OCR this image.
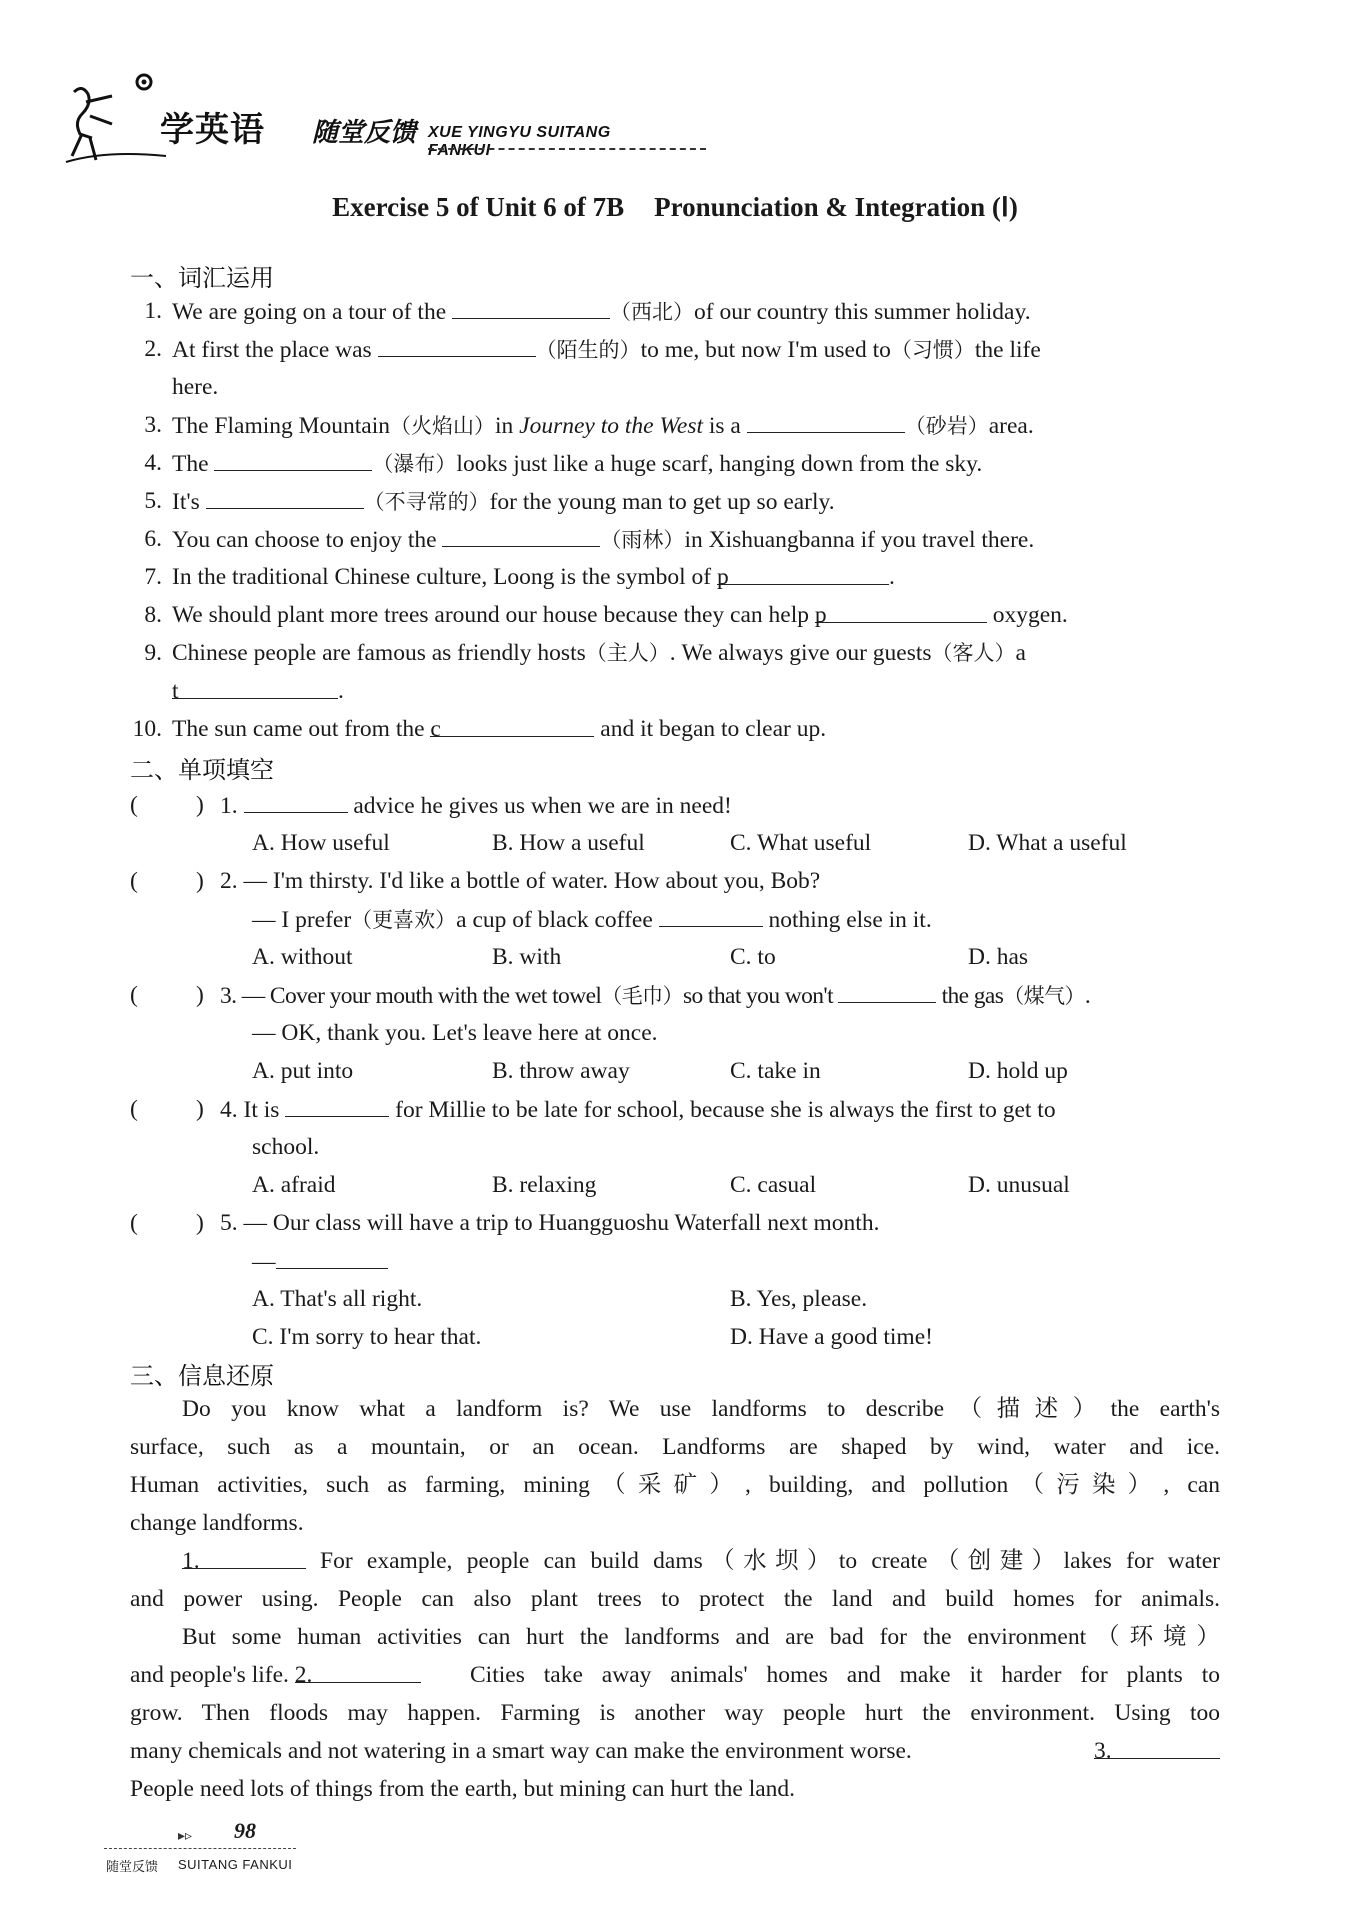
学英语 随堂反馈 XUE YINGYU SUITANG FANKUI
Exercise 5 of Unit 6 of 7B Pronunciation & Integration (Ⅰ)
一、词汇运用
1. We are going on a tour of the	（西北）of our country this summer holiday.
2. At first the place was	（陌生的）to me, but now I'm used to（习惯）the life
here.
3. The Flaming Mountain（火焰山）in Journey to the West is a	（砂岩）area.
4. The	（瀑布）looks just like a huge scarf, hanging down from the sky.
5. It's	（不寻常的）for the young man to get up so early.
6. You can choose to enjoy the	（雨林）in Xishuangbanna if you travel there.
7. In the traditional Chinese culture, Loong is the symbol of p	.
8. We should plant more trees around our house because they can help p	oxygen.
9. Chinese people are famous as friendly hosts（主人）. We always give our guests（客人）a
t	.
10. The sun came out from the c	and it began to clear up.
二、单项填空
( ) 1.	advice he gives us when we are in need!
A. How useful	B. How a useful	C. What useful	D. What a useful
( ) 2. — I'm thirsty. I'd like a bottle of water. How about you, Bob?
— I prefer（更喜欢）a cup of black coffee	nothing else in it.
A. without	B. with	C. to	D. has
( ) 3. — Cover your mouth with the wet towel（毛巾）so that you won't	the gas（煤气）.
— OK, thank you. Let's leave here at once.
A. put into	B. throw away	C. take in	D. hold up
( ) 4. It is	for Millie to be late for school, because she is always the first to get to
school.
A. afraid	B. relaxing	C. casual	D. unusual
( ) 5. — Our class will have a trip to Huangguoshu Waterfall next month.
—
A. That's all right.	B. Yes, please.
C. I'm sorry to hear that.	D. Have a good time!
三、信息还原
Do you know what a landform is? We use landforms to describe（描述）the earth's
surface, such as a mountain, or an ocean. Landforms are shaped by wind, water and ice.
Human activities, such as farming, mining（采矿）, building, and pollution（污染）, can
change landforms.
1.	For example, people can build dams（水坝）to create（创建）lakes for water
and power using. People can also plant trees to protect the land and build homes for animals.
But some human activities can hurt the landforms and are bad for the environment（环境）
and people's life. 2.	Cities take away animals' homes and make it harder for plants to
grow. Then floods may happen. Farming is another way people hurt the environment. Using too
many chemicals and not watering in a smart way can make the environment worse.	3.
People need lots of things from the earth, but mining can hurt the land.
▸▹ 98
随堂反馈 SUITANG FANKUI
